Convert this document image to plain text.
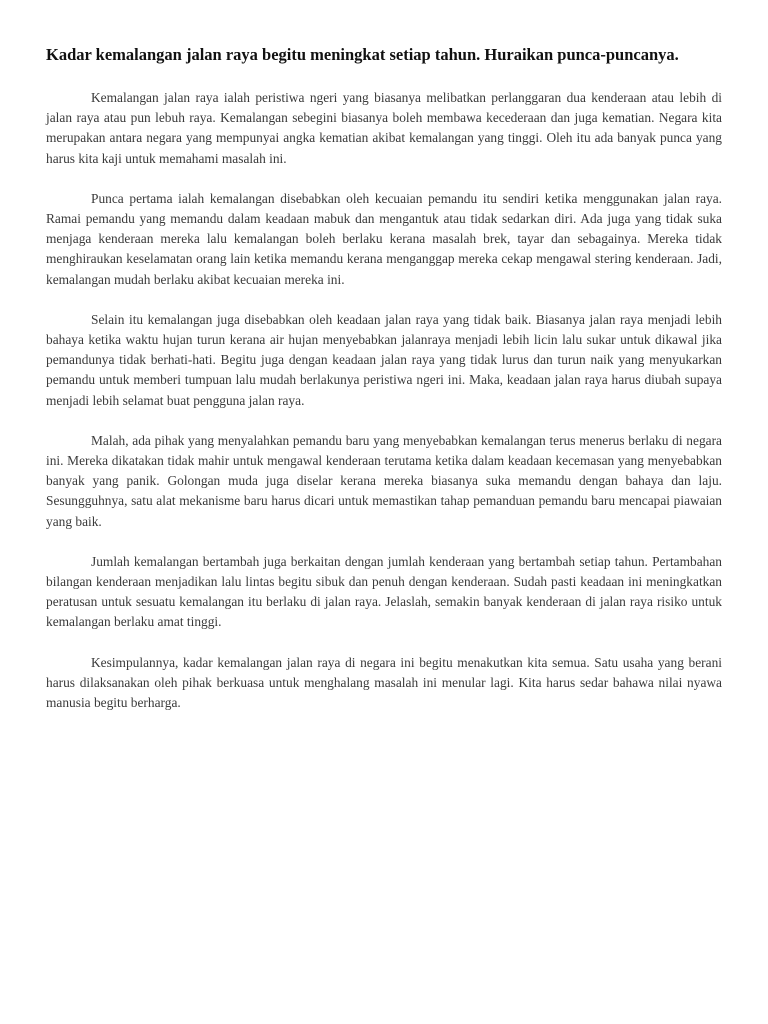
Kadar kemalangan jalan raya begitu meningkat setiap tahun. Huraikan punca-puncanya.

Kemalangan jalan raya ialah peristiwa ngeri yang biasanya melibatkan perlanggaran dua kenderaan atau lebih di jalan raya atau pun lebuh raya. Kemalangan sebegini biasanya boleh membawa kecederaan dan juga kematian. Negara kita merupakan antara negara yang mempunyai angka kematian akibat kemalangan yang tinggi. Oleh itu ada banyak punca yang harus kita kaji untuk memahami masalah ini.

Punca pertama ialah kemalangan disebabkan oleh kecuaian pemandu itu sendiri ketika menggunakan jalan raya. Ramai pemandu yang memandu dalam keadaan mabuk dan mengantuk atau tidak sedarkan diri. Ada juga yang tidak suka menjaga kenderaan mereka lalu kemalangan boleh berlaku kerana masalah brek, tayar dan sebagainya. Mereka tidak menghiraukan keselamatan orang lain ketika memandu kerana menganggap mereka cekap mengawal stering kenderaan. Jadi, kemalangan mudah berlaku akibat kecuaian mereka ini.

Selain itu kemalangan juga disebabkan oleh keadaan jalan raya yang tidak baik. Biasanya jalan raya menjadi lebih bahaya ketika waktu hujan turun kerana air hujan menyebabkan jalanraya menjadi lebih licin lalu sukar untuk dikawal jika pemandunya tidak berhati-hati. Begitu juga dengan keadaan jalan raya yang tidak lurus dan turun naik yang menyukarkan pemandu untuk memberi tumpuan lalu mudah berlakunya peristiwa ngeri ini. Maka, keadaan jalan raya harus diubah supaya menjadi lebih selamat buat pengguna jalan raya.

Malah, ada pihak yang menyalahkan pemandu baru yang menyebabkan kemalangan terus menerus berlaku di negara ini. Mereka dikatakan tidak mahir untuk mengawal kenderaan terutama ketika dalam keadaan kecemasan yang menyebabkan banyak yang panik. Golongan muda juga diselar kerana mereka biasanya suka memandu dengan bahaya dan laju. Sesungguhnya, satu alat mekanisme baru harus dicari untuk memastikan tahap pemanduan pemandu baru mencapai piawaian yang baik.

Jumlah kemalangan bertambah juga berkaitan dengan jumlah kenderaan yang bertambah setiap tahun. Pertambahan bilangan kenderaan menjadikan lalu lintas begitu sibuk dan penuh dengan kenderaan. Sudah pasti keadaan ini meningkatkan peratusan untuk sesuatu kemalangan itu berlaku di jalan raya. Jelaslah, semakin banyak kenderaan di jalan raya risiko untuk kemalangan berlaku amat tinggi.

Kesimpulannya, kadar kemalangan jalan raya di negara ini begitu menakutkan kita semua. Satu usaha yang berani harus dilaksanakan oleh pihak berkuasa untuk menghalang masalah ini menular lagi. Kita harus sedar bahawa nilai nyawa manusia begitu berharga.
